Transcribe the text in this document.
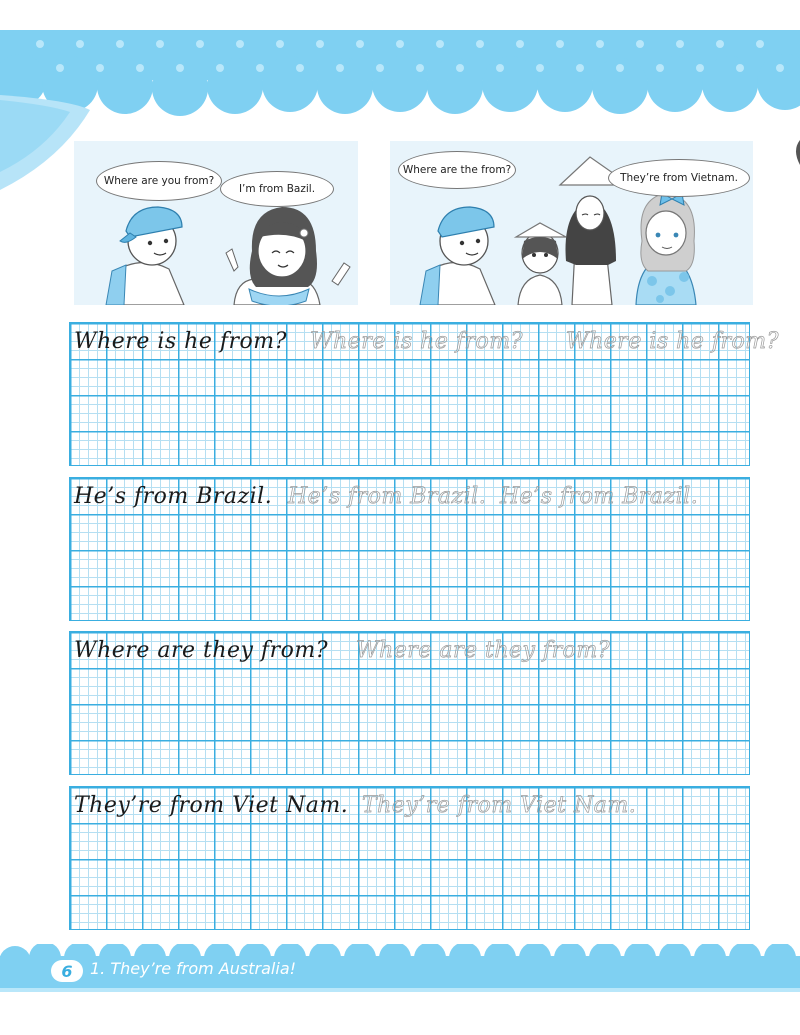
Where are you from?
I’m from Bazil.
Where are the from?
They’re from Vietnam.
Where is he from? Where is he from? Where is he from?
He’s from Brazil. He’s from Brazil. He’s from Brazil.
Where are they from? Where are they from?
They’re from Viet Nam. They’re from Viet Nam.
6	1. They’re from Australia!
